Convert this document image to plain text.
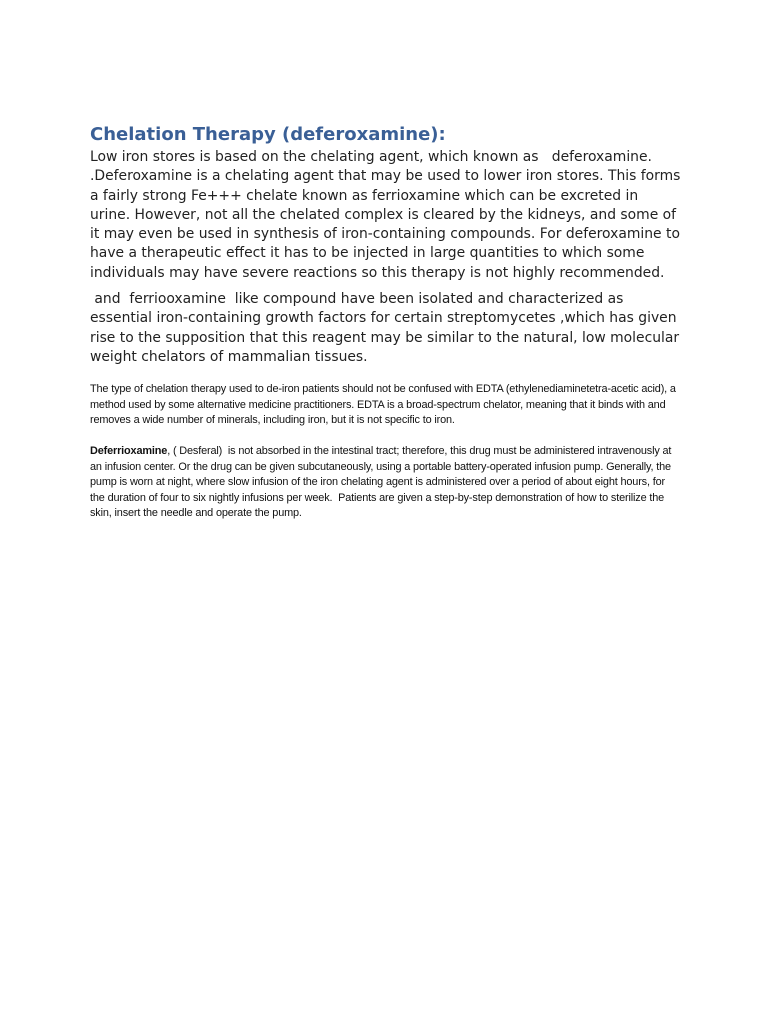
Chelation Therapy (deferoxamine):

Low iron stores is based on the chelating agent, which known as   deferoxamine. .Deferoxamine is a chelating agent that may be used to lower iron stores. This forms a fairly strong Fe+++ chelate known as ferrioxamine which can be excreted in urine. However, not all the chelated complex is cleared by the kidneys, and some of it may even be used in synthesis of iron-containing compounds. For deferoxamine to have a therapeutic effect it has to be injected in large quantities to which some individuals may have severe reactions so this therapy is not highly recommended.

and  ferriooxamine  like compound have been isolated and characterized as essential iron-containing growth factors for certain streptomycetes ,which has given rise to the supposition that this reagent may be similar to the natural, low molecular weight chelators of mammalian tissues.

The type of chelation therapy used to de-iron patients should not be confused with EDTA (ethylenediaminetetra-acetic acid), a method used by some alternative medicine practitioners. EDTA is a broad-spectrum chelator, meaning that it binds with and removes a wide number of minerals, including iron, but it is not specific to iron.

Deferrioxamine, ( Desferal)  is not absorbed in the intestinal tract; therefore, this drug must be administered intravenously at an infusion center. Or the drug can be given subcutaneously, using a portable battery-operated infusion pump. Generally, the pump is worn at night, where slow infusion of the iron chelating agent is administered over a period of about eight hours, for the duration of four to six nightly infusions per week.  Patients are given a step-by-step demonstration of how to sterilize the skin, insert the needle and operate the pump.
